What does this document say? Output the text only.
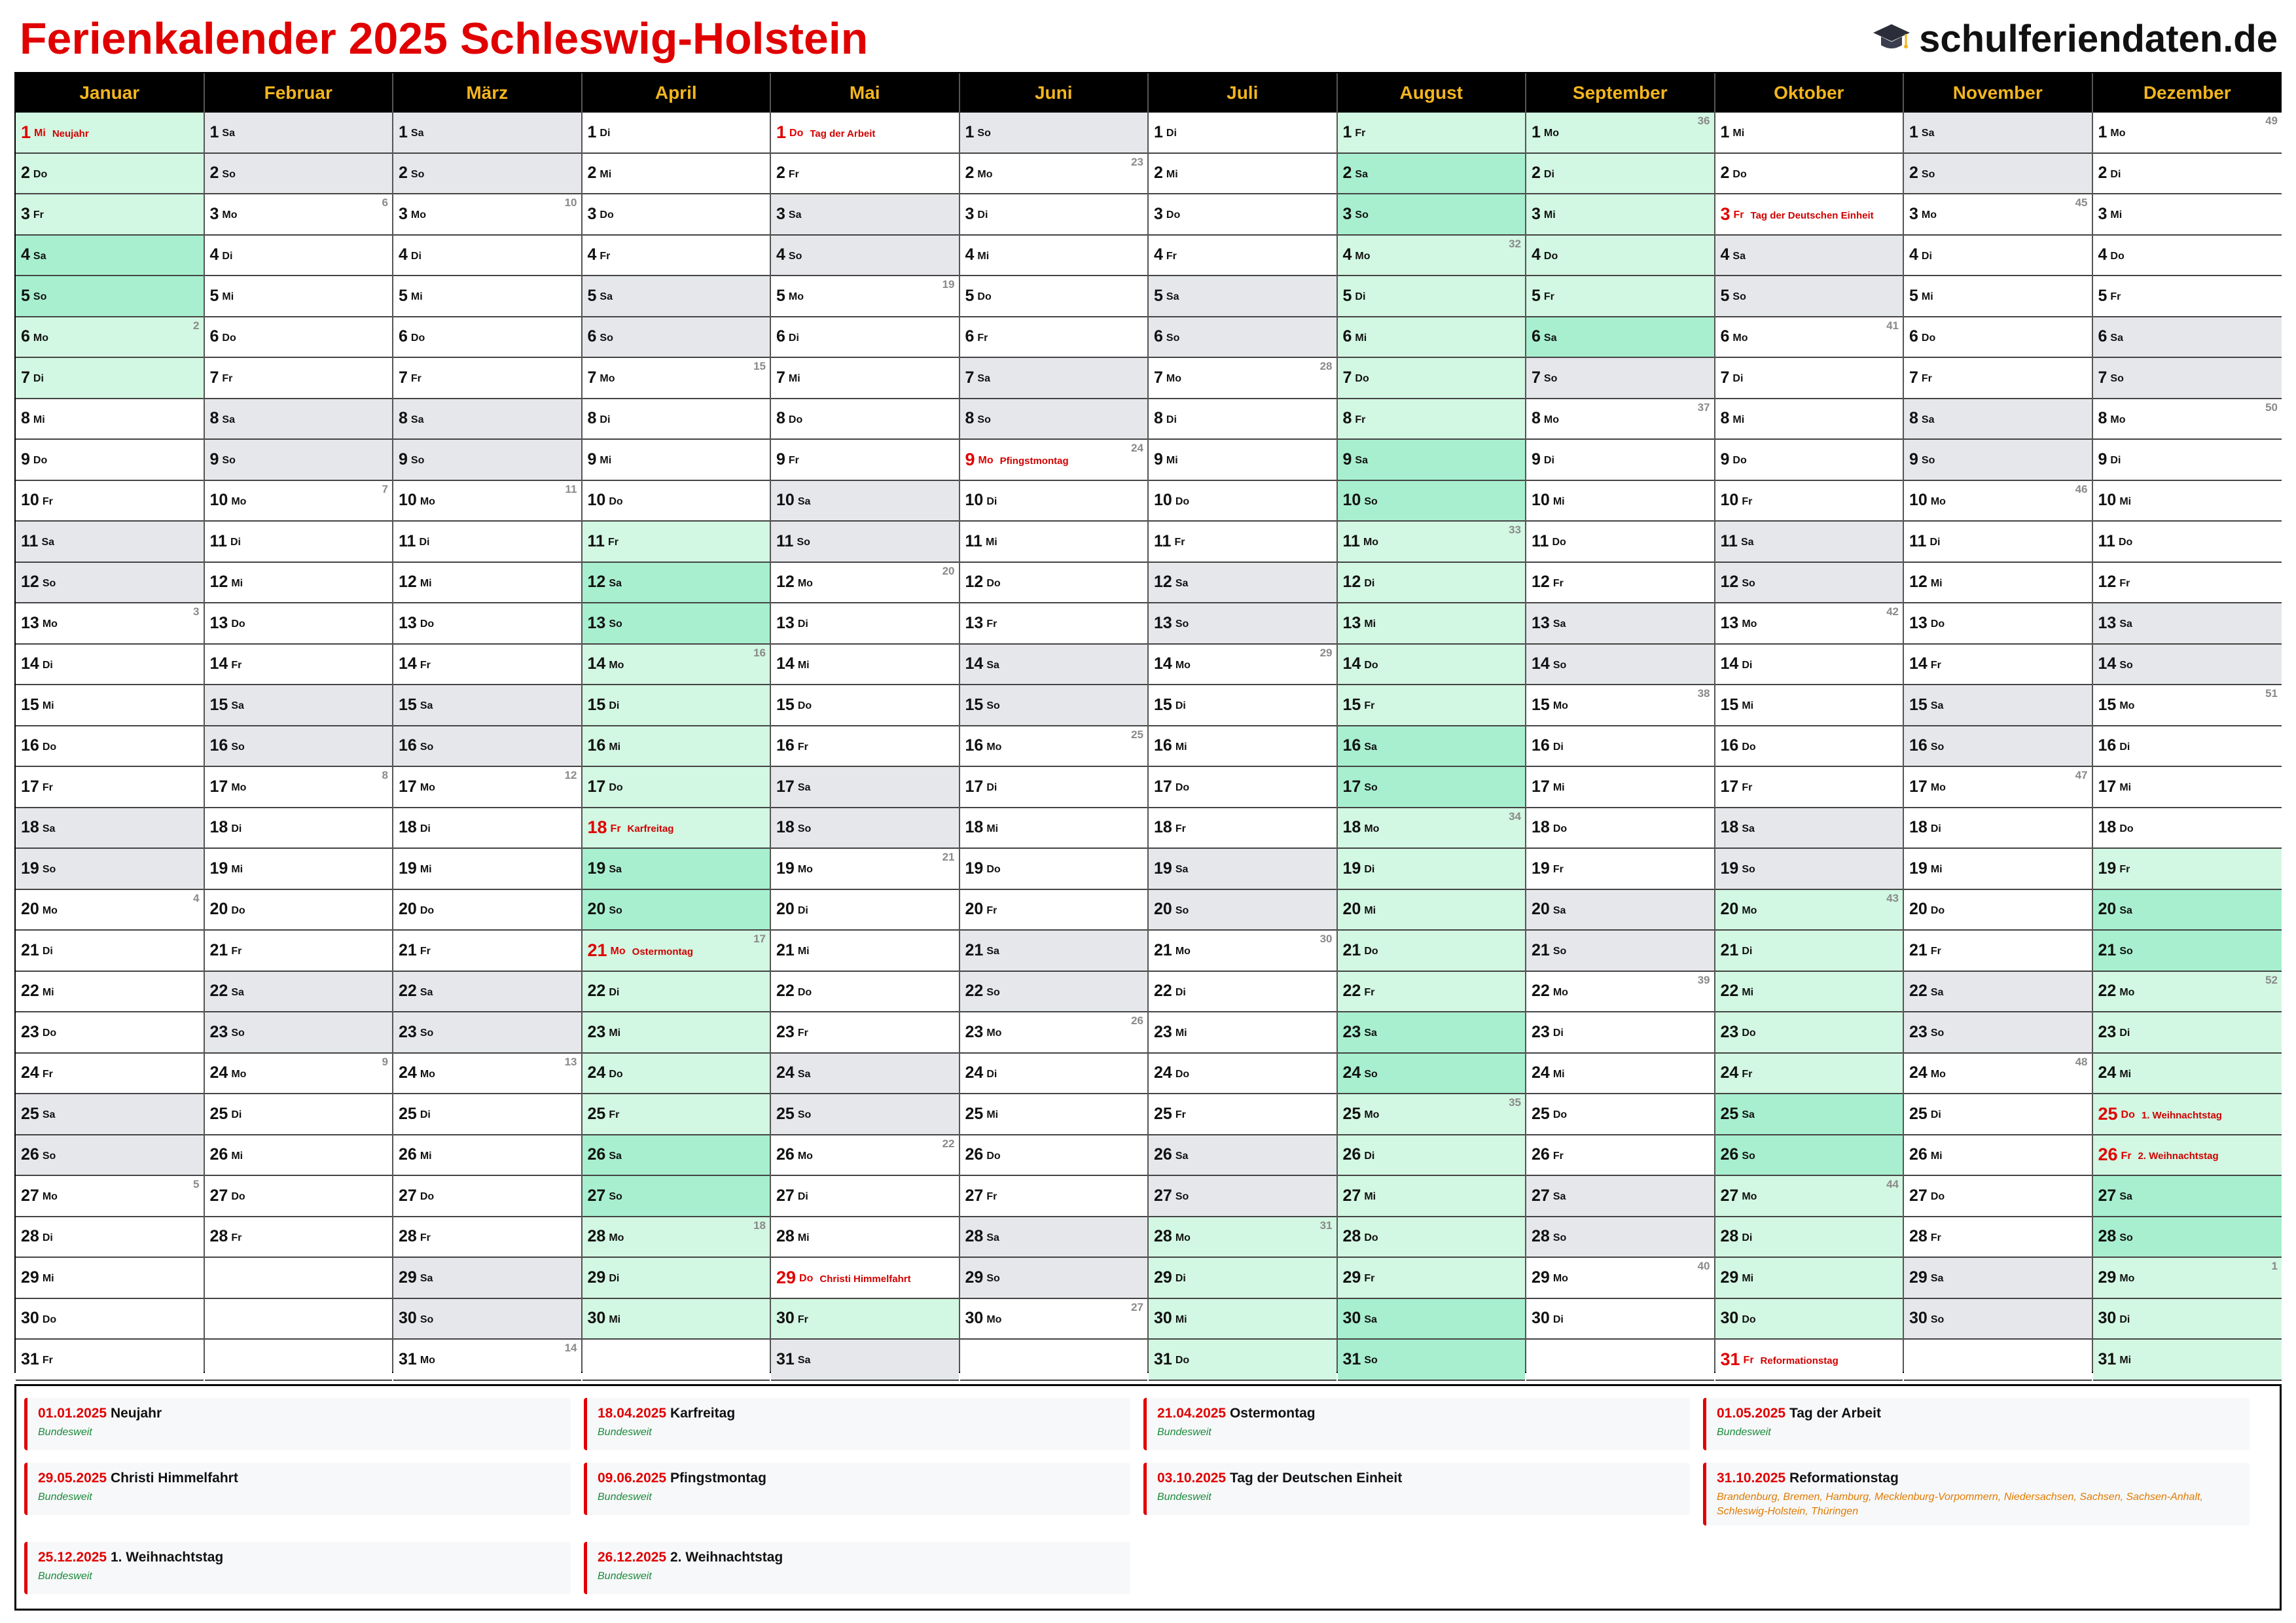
Ferienkalender 2025 Schleswig-Holstein	schulferiendaten.de
Januar
1 Mi Neujahr
2 Do
3 Fr
4 Sa
5 So
6 Mo
2
7 Di
8 Mi
9 Do
10 Fr
11 Sa
12 So
13 Mo
3
14 Di
15 Mi
16 Do
17 Fr
18 Sa
19 So
20 Mo
4
21 Di
22 Mi
23 Do
24 Fr
25 Sa
26 So
27 Mo
5
28 Di
29 Mi
30 Do
31 Fr
Februar
1 Sa
2 So
3 Mo
6
4 Di
5 Mi
6 Do
7 Fr
8 Sa
9 So
10 Mo
7
11 Di
12 Mi
13 Do
14 Fr
15 Sa
16 So
17 Mo
8
18 Di
19 Mi
20 Do
21 Fr
22 Sa
23 So
24 Mo
9
25 Di
26 Mi
27 Do
28 Fr
März
1 Sa
2 So
3 Mo
10
4 Di
5 Mi
6 Do
7 Fr
8 Sa
9 So
10 Mo
11
11 Di
12 Mi
13 Do
14 Fr
15 Sa
16 So
17 Mo
12
18 Di
19 Mi
20 Do
21 Fr
22 Sa
23 So
24 Mo
13
25 Di
26 Mi
27 Do
28 Fr
29 Sa
30 So
31 Mo
14
April
1 Di
2 Mi
3 Do
4 Fr
5 Sa
6 So
7 Mo
15
8 Di
9 Mi
10 Do
11 Fr
12 Sa
13 So
14 Mo
16
15 Di
16 Mi
17 Do
18 Fr Karfreitag
19 Sa
20 So
21 Mo Ostermontag
17
22 Di
23 Mi
24 Do
25 Fr
26 Sa
27 So
28 Mo
18
29 Di
30 Mi
Mai
1 Do Tag der Arbeit
2 Fr
3 Sa
4 So
5 Mo
19
6 Di
7 Mi
8 Do
9 Fr
10 Sa
11 So
12 Mo
20
13 Di
14 Mi
15 Do
16 Fr
17 Sa
18 So
19 Mo
21
20 Di
21 Mi
22 Do
23 Fr
24 Sa
25 So
26 Mo
22
27 Di
28 Mi
29 Do Christi Himmelfahrt
30 Fr
31 Sa
Juni
1 So
2 Mo
23
3 Di
4 Mi
5 Do
6 Fr
7 Sa
8 So
9 Mo Pfingstmontag
24
10 Di
11 Mi
12 Do
13 Fr
14 Sa
15 So
16 Mo
25
17 Di
18 Mi
19 Do
20 Fr
21 Sa
22 So
23 Mo
26
24 Di
25 Mi
26 Do
27 Fr
28 Sa
29 So
30 Mo
27
Juli
1 Di
2 Mi
3 Do
4 Fr
5 Sa
6 So
7 Mo
28
8 Di
9 Mi
10 Do
11 Fr
12 Sa
13 So
14 Mo
29
15 Di
16 Mi
17 Do
18 Fr
19 Sa
20 So
21 Mo
30
22 Di
23 Mi
24 Do
25 Fr
26 Sa
27 So
28 Mo
31
29 Di
30 Mi
31 Do
August
1 Fr
2 Sa
3 So
4 Mo
32
5 Di
6 Mi
7 Do
8 Fr
9 Sa
10 So
11 Mo
33
12 Di
13 Mi
14 Do
15 Fr
16 Sa
17 So
18 Mo
34
19 Di
20 Mi
21 Do
22 Fr
23 Sa
24 So
25 Mo
35
26 Di
27 Mi
28 Do
29 Fr
30 Sa
31 So
September
1 Mo
36
2 Di
3 Mi
4 Do
5 Fr
6 Sa
7 So
8 Mo
37
9 Di
10 Mi
11 Do
12 Fr
13 Sa
14 So
15 Mo
38
16 Di
17 Mi
18 Do
19 Fr
20 Sa
21 So
22 Mo
39
23 Di
24 Mi
25 Do
26 Fr
27 Sa
28 So
29 Mo
40
30 Di
Oktober
1 Mi
2 Do
3 Fr Tag der Deutschen Einheit
4 Sa
5 So
6 Mo
41
7 Di
8 Mi
9 Do
10 Fr
11 Sa
12 So
13 Mo
42
14 Di
15 Mi
16 Do
17 Fr
18 Sa
19 So
20 Mo
43
21 Di
22 Mi
23 Do
24 Fr
25 Sa
26 So
27 Mo
44
28 Di
29 Mi
30 Do
31 Fr Reformationstag
November
1 Sa
2 So
3 Mo
45
4 Di
5 Mi
6 Do
7 Fr
8 Sa
9 So
10 Mo
46
11 Di
12 Mi
13 Do
14 Fr
15 Sa
16 So
17 Mo
47
18 Di
19 Mi
20 Do
21 Fr
22 Sa
23 So
24 Mo
48
25 Di
26 Mi
27 Do
28 Fr
29 Sa
30 So
Dezember
1 Mo
49
2 Di
3 Mi
4 Do
5 Fr
6 Sa
7 So
8 Mo
50
9 Di
10 Mi
11 Do
12 Fr
13 Sa
14 So
15 Mo
51
16 Di
17 Mi
18 Do
19 Fr
20 Sa
21 So
22 Mo
52
23 Di
24 Mi
25 Do 1. Weihnachtstag
26 Fr 2. Weihnachtstag
27 Sa
28 So
29 Mo
1
30 Di
31 Mi
01.01.2025 Neujahr
Bundesweit
18.04.2025 Karfreitag
Bundesweit
21.04.2025 Ostermontag
Bundesweit
01.05.2025 Tag der Arbeit
Bundesweit
29.05.2025 Christi Himmelfahrt
Bundesweit
09.06.2025 Pfingstmontag
Bundesweit
03.10.2025 Tag der Deutschen Einheit
Bundesweit
31.10.2025 Reformationstag
Brandenburg, Bremen, Hamburg, Mecklenburg-Vorpommern, Niedersachsen, Sachsen, Sachsen-Anhalt, Schleswig-Holstein, Thüringen
25.12.2025 1. Weihnachtstag
Bundesweit
26.12.2025 2. Weihnachtstag
Bundesweit
